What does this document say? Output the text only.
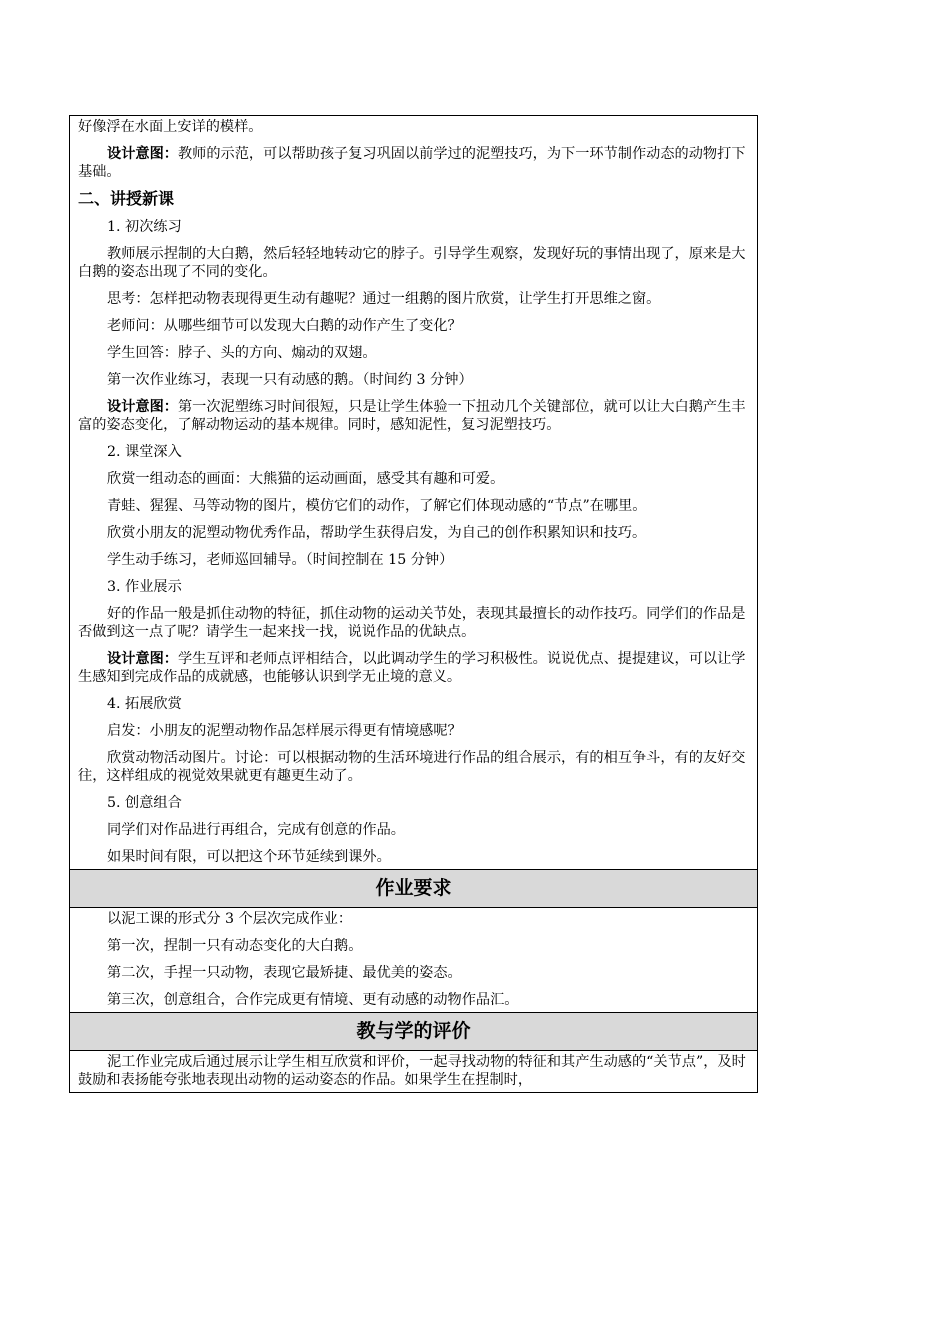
好像浮在水面上安详的模样。

设计意图：教师的示范，可以帮助孩子复习巩固以前学过的泥塑技巧，为下一环节制作动态的动物打下基础。

二、讲授新课

1. 初次练习

教师展示捏制的大白鹅，然后轻轻地转动它的脖子。引导学生观察，发现好玩的事情出现了，原来是大白鹅的姿态出现了不同的变化。

思考：怎样把动物表现得更生动有趣呢？通过一组鹅的图片欣赏，让学生打开思维之窗。

老师问：从哪些细节可以发现大白鹅的动作产生了变化？

学生回答：脖子、头的方向、煽动的双翅。

第一次作业练习，表现一只有动感的鹅。（时间约 3 分钟）

设计意图：第一次泥塑练习时间很短，只是让学生体验一下扭动几个关键部位，就可以让大白鹅产生丰富的姿态变化，了解动物运动的基本规律。同时，感知泥性，复习泥塑技巧。

2. 课堂深入

欣赏一组动态的画面：大熊猫的运动画面，感受其有趣和可爱。

青蛙、猩猩、马等动物的图片，模仿它们的动作，了解它们体现动感的“节点”在哪里。

欣赏小朋友的泥塑动物优秀作品，帮助学生获得启发，为自己的创作积累知识和技巧。

学生动手练习，老师巡回辅导。（时间控制在 15 分钟）

3. 作业展示

好的作品一般是抓住动物的特征，抓住动物的运动关节处，表现其最擅长的动作技巧。同学们的作品是否做到这一点了呢？请学生一起来找一找，说说作品的优缺点。

设计意图：学生互评和老师点评相结合，以此调动学生的学习积极性。说说优点、提提建议，可以让学生感知到完成作品的成就感，也能够认识到学无止境的意义。

4. 拓展欣赏

启发：小朋友的泥塑动物作品怎样展示得更有情境感呢？

欣赏动物活动图片。讨论：可以根据动物的生活环境进行作品的组合展示，有的相互争斗，有的友好交往，这样组成的视觉效果就更有趣更生动了。

5. 创意组合

同学们对作品进行再组合，完成有创意的作品。

如果时间有限，可以把这个环节延续到课外。

作业要求

以泥工课的形式分 3 个层次完成作业：

第一次，捏制一只有动态变化的大白鹅。

第二次，手捏一只动物，表现它最矫捷、最优美的姿态。

第三次，创意组合，合作完成更有情境、更有动感的动物作品汇。

教与学的评价

泥工作业完成后通过展示让学生相互欣赏和评价，一起寻找动物的特征和其产生动感的“关节点”，及时鼓励和表扬能夸张地表现出动物的运动姿态的作品。如果学生在捏制时，
